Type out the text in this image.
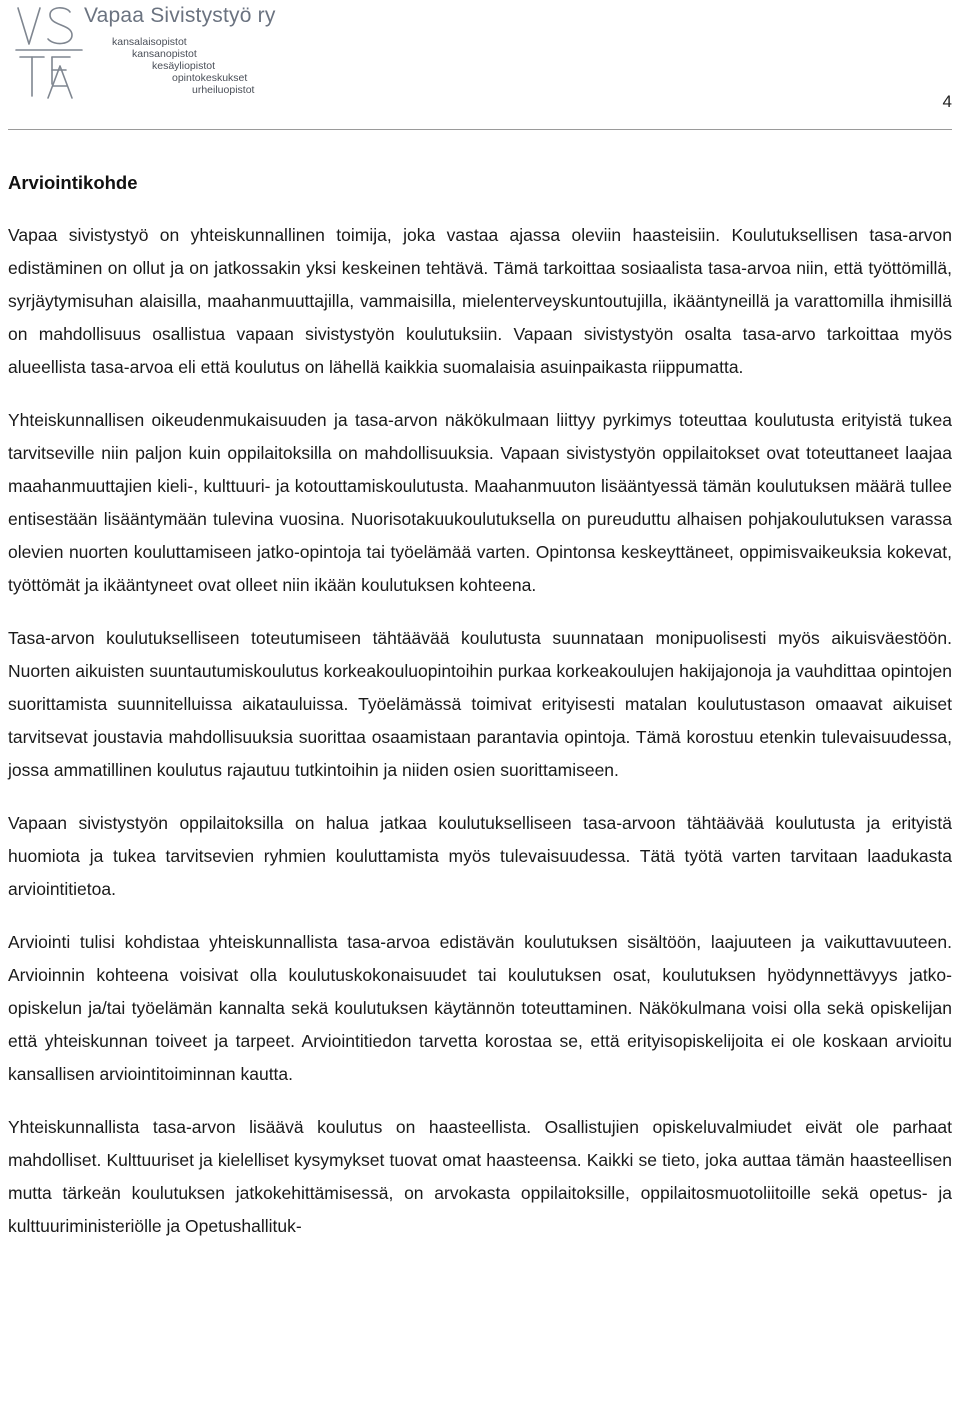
Vapaa Sivistystyö ry
kansalaisopistot
kansanopistot
kesäyliopistot
opintokeskukset
urheiluopistot
4
Arviointikohde

Vapaa sivistystyö on yhteiskunnallinen toimija, joka vastaa ajassa oleviin haasteisiin. Koulutuksellisen tasa-arvon edistäminen on ollut ja on jatkossakin yksi keskeinen tehtävä. Tämä tarkoittaa sosiaalista tasa-arvoa niin, että työttömillä, syrjäytymisuhan alaisilla, maahanmuuttajilla, vammaisilla, mielenterveyskuntoutujilla, ikääntyneillä ja varattomilla ihmisillä on mahdollisuus osallistua vapaan sivistystyön koulutuksiin. Vapaan sivistystyön osalta tasa-arvo tarkoittaa myös alueellista tasa-arvoa eli että koulutus on lähellä kaikkia suomalaisia asuinpaikasta riippumatta.

Yhteiskunnallisen oikeudenmukaisuuden ja tasa-arvon näkökulmaan liittyy pyrkimys toteuttaa koulutusta erityistä tukea tarvitseville niin paljon kuin oppilaitoksilla on mahdollisuuksia. Vapaan sivistystyön oppilaitokset ovat toteuttaneet laajaa maahanmuuttajien kieli-, kulttuuri- ja kotouttamiskoulutusta. Maahanmuuton lisääntyessä tämän koulutuksen määrä tullee entisestään lisääntymään tulevina vuosina. Nuorisotakuukoulutuksella on pureuduttu alhaisen pohjakoulutuksen varassa olevien nuorten kouluttamiseen jatko-opintoja tai työelämää varten. Opintonsa keskeyttäneet, oppimisvaikeuksia kokevat, työttömät ja ikääntyneet ovat olleet niin ikään koulutuksen kohteena.

Tasa-arvon koulutukselliseen toteutumiseen tähtäävää koulutusta suunnataan monipuolisesti myös aikuisväestöön. Nuorten aikuisten suuntautumiskoulutus korkeakouluopintoihin purkaa korkeakoulujen hakijajonoja ja vauhdittaa opintojen suorittamista suunnitelluissa aikatauluissa. Työelämässä toimivat erityisesti matalan koulutustason omaavat aikuiset tarvitsevat joustavia mahdollisuuksia suorittaa osaamistaan parantavia opintoja. Tämä korostuu etenkin tulevaisuudessa, jossa ammatillinen koulutus rajautuu tutkintoihin ja niiden osien suorittamiseen.

Vapaan sivistystyön oppilaitoksilla on halua jatkaa koulutukselliseen tasa-arvoon tähtäävää koulutusta ja erityistä huomiota ja tukea tarvitsevien ryhmien kouluttamista myös tulevaisuudessa. Tätä työtä varten tarvitaan laadukasta arviointitietoa.

Arviointi tulisi kohdistaa yhteiskunnallista tasa-arvoa edistävän koulutuksen sisältöön, laajuuteen ja vaikuttavuuteen. Arvioinnin kohteena voisivat olla koulutuskokonaisuudet tai koulutuksen osat, koulutuksen hyödynnettävyys jatko-opiskelun ja/tai työelämän kannalta sekä koulutuksen käytännön toteuttaminen. Näkökulmana voisi olla sekä opiskelijan että yhteiskunnan toiveet ja tarpeet. Arviointitiedon tarvetta korostaa se, että erityisopiskelijoita ei ole koskaan arvioitu kansallisen arviointitoiminnan kautta.

Yhteiskunnallista tasa-arvon lisäävä koulutus on haasteellista. Osallistujien opiskeluvalmiudet eivät ole parhaat mahdolliset. Kulttuuriset ja kielelliset kysymykset tuovat omat haasteensa. Kaikki se tieto, joka auttaa tämän haasteellisen mutta tärkeän koulutuksen jatkokehittämisessä, on arvokasta oppilaitoksille, oppilaitosmuotoliitoille sekä opetus- ja kulttuuriministeriölle ja Opetushallituk-
